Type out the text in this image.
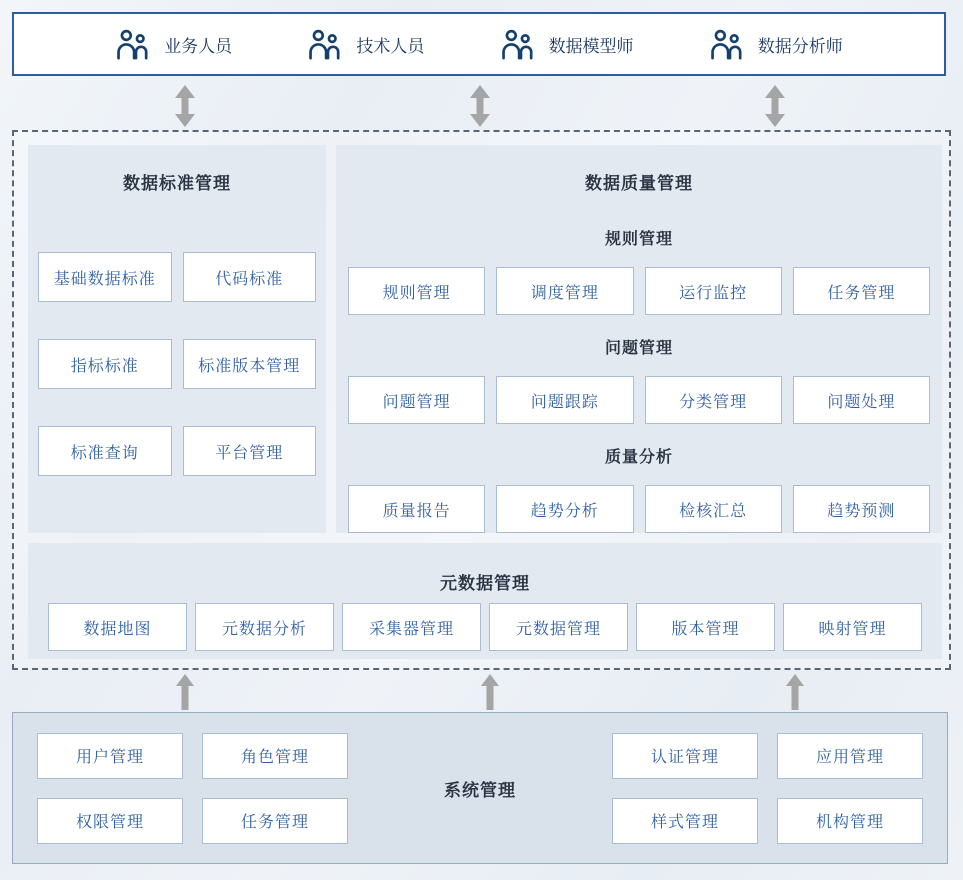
业务人员	技术人员	数据模型师	数据分析师
数据标准管理
基础数据标准	代码标准
指标标准	标准版本管理
标准查询	平台管理
数据质量管理
规则管理
规则管理	调度管理	运行监控	任务管理
问题管理
问题管理	问题跟踪	分类管理	问题处理
质量分析
质量报告	趋势分析	检核汇总	趋势预测
元数据管理
数据地图	元数据分析	采集器管理	元数据管理	版本管理	映射管理
用户管理	角色管理
权限管理	任务管理
系统管理
认证管理	应用管理
样式管理	机构管理
